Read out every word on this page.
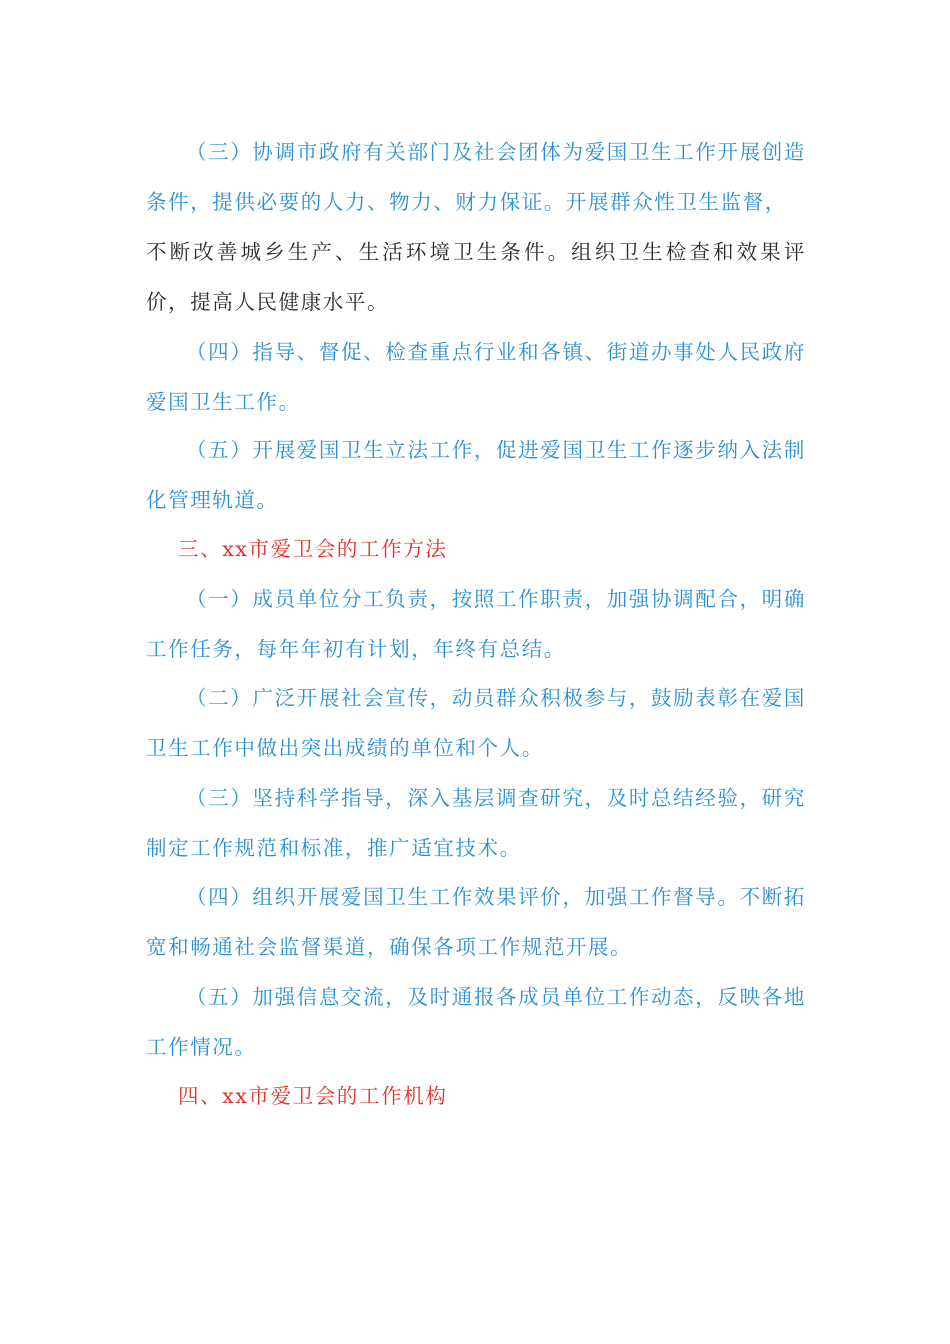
（三）协调市政府有关部门及社会团体为爱国卫生工作开展创造条件，提供必要的人力、物力、财力保证。开展群众性卫生监督，

不断改善城乡生产、生活环境卫生条件。组织卫生检查和效果评价，提高人民健康水平。

（四）指导、督促、检查重点行业和各镇、街道办事处人民政府爱国卫生工作。

（五）开展爱国卫生立法工作，促进爱国卫生工作逐步纳入法制化管理轨道。

三、xx市爱卫会的工作方法

（一）成员单位分工负责，按照工作职责，加强协调配合，明确工作任务，每年年初有计划，年终有总结。

（二）广泛开展社会宣传，动员群众积极参与，鼓励表彰在爱国卫生工作中做出突出成绩的单位和个人。

（三）坚持科学指导，深入基层调查研究，及时总结经验，研究制定工作规范和标准，推广适宜技术。

（四）组织开展爱国卫生工作效果评价，加强工作督导。不断拓宽和畅通社会监督渠道，确保各项工作规范开展。

（五）加强信息交流，及时通报各成员单位工作动态，反映各地工作情况。

四、xx市爱卫会的工作机构
